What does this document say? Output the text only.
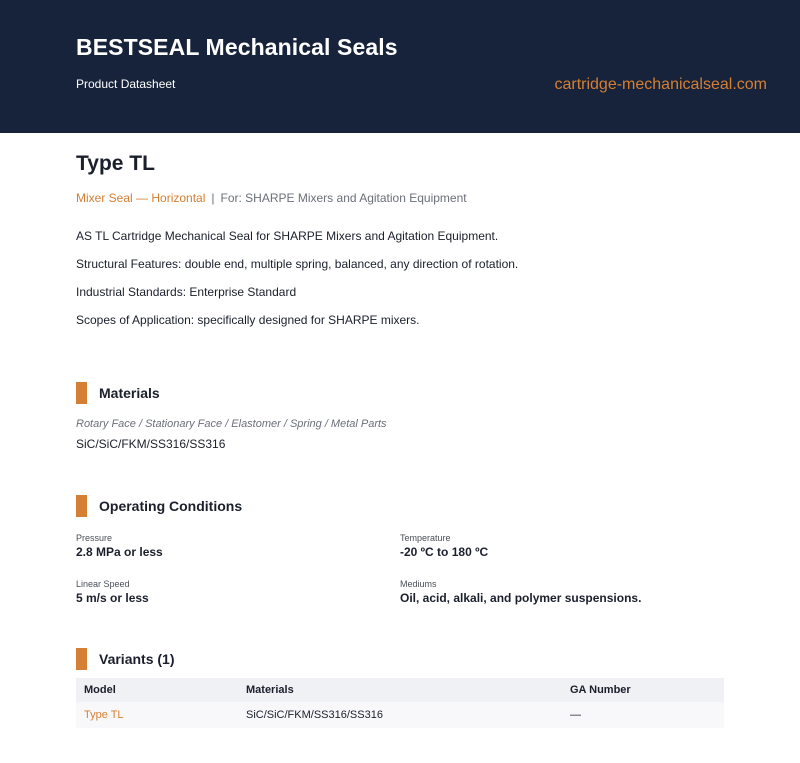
BESTSEAL Mechanical Seals
Product Datasheet	cartridge-mechanicalseal.com
Type TL
Mixer Seal — Horizontal | For: SHARPE Mixers and Agitation Equipment
AS TL Cartridge Mechanical Seal for SHARPE Mixers and Agitation Equipment.
Structural Features: double end, multiple spring, balanced, any direction of rotation.
Industrial Standards: Enterprise Standard
Scopes of Application: specifically designed for SHARPE mixers.
Materials
Rotary Face / Stationary Face / Elastomer / Spring / Metal Parts
SiC/SiC/FKM/SS316/SS316
Operating Conditions
Pressure
2.8 MPa or less
Temperature
-20 ºC to 180 ºC
Linear Speed
5 m/s or less
Mediums
Oil, acid, alkali, and polymer suspensions.
Variants (1)
Model	Materials	GA Number
Type TL	SiC/SiC/FKM/SS316/SS316	—
